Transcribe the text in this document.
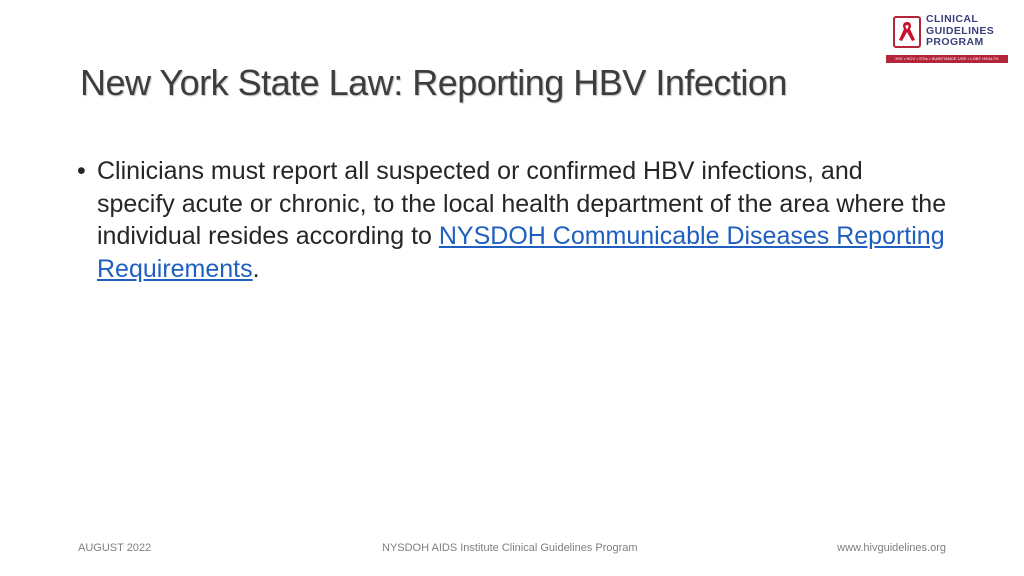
CLINICAL
GUIDELINES
PROGRAM
HIV • HCV • STIs • SUBSTANCE USE • LGBT HEALTH
New York State Law: Reporting HBV Infection
• Clinicians must report all suspected or confirmed HBV infections, and specify acute or chronic, to the local health department of the area where the individual resides according to NYSDOH Communicable Diseases Reporting Requirements.
AUGUST 2022	NYSDOH AIDS Institute Clinical Guidelines Program	www.hivguidelines.org
